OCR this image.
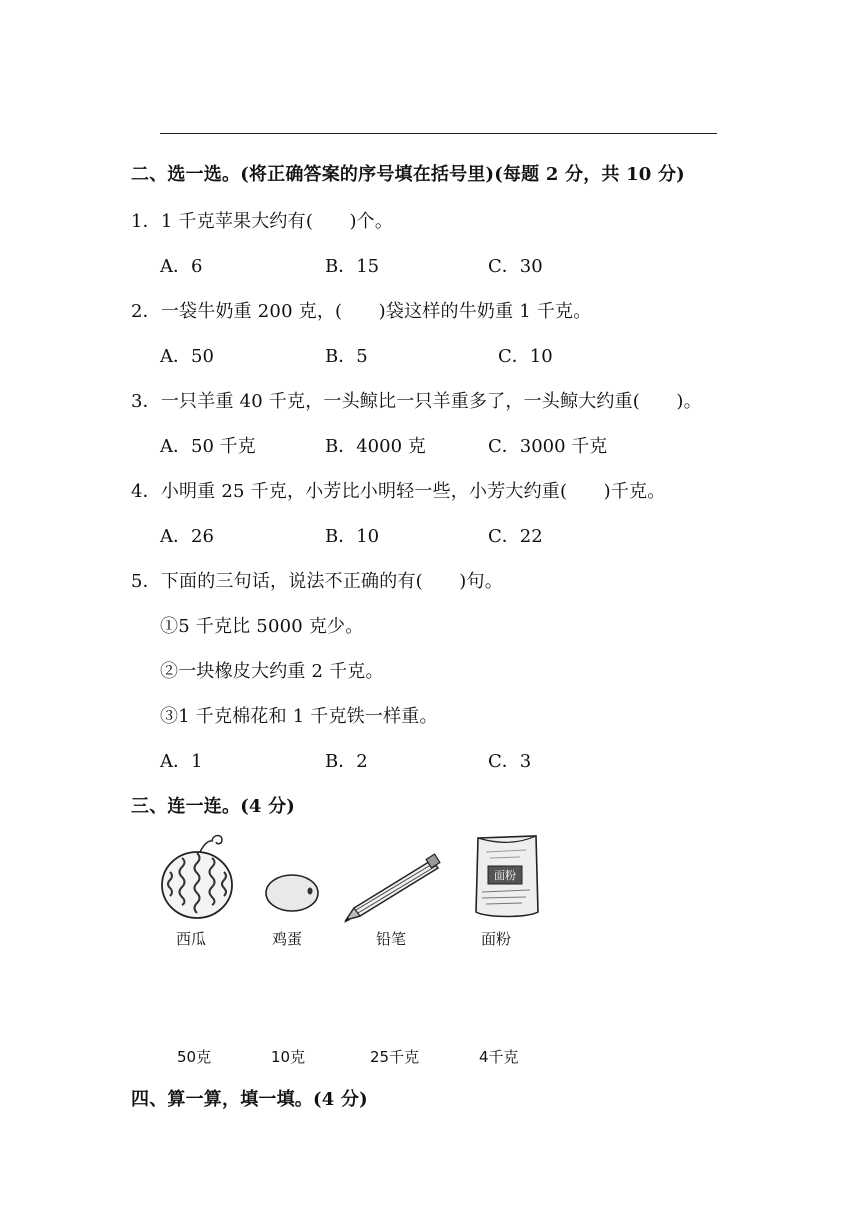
二、选一选。(将正确答案的序号填在括号里)(每题 2 分，共 10 分)
1．1 千克苹果大约有(　　)个。
A．6	B．15	C．30
2．一袋牛奶重 200 克，(　　)袋这样的牛奶重 1 千克。
A．50	B．5	C．10
3．一只羊重 40 千克，一头鲸比一只羊重多了，一头鲸大约重(　　)。
A．50 千克	B．4000 克	C．3000 千克
4．小明重 25 千克，小芳比小明轻一些，小芳大约重(　　)千克。
A．26	B．10	C．22
5．下面的三句话，说法不正确的有(　　)句。
①5 千克比 5000 克少。
②一块橡皮大约重 2 千克。
③1 千克棉花和 1 千克铁一样重。
A．1	B．2	C．3
三、连一连。(4 分)
面粉
西瓜	鸡蛋	铅笔	面粉
50克	10克	25千克	4千克
四、算一算，填一填。(4 分)
